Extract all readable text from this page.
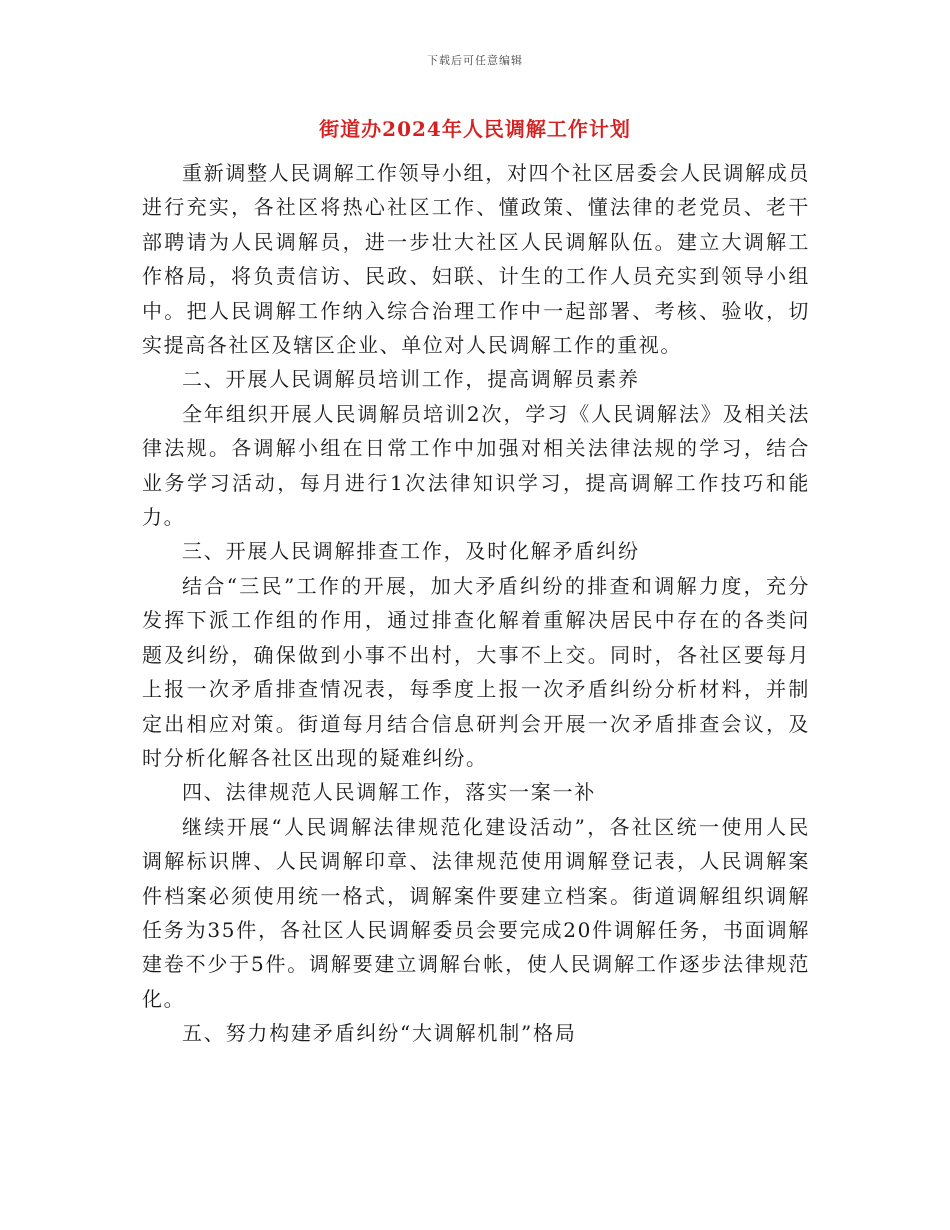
下载后可任意编辑
街道办2024年人民调解工作计划

重新调整人民调解工作领导小组，对四个社区居委会人民调解成员进行充实，各社区将热心社区工作、懂政策、懂法律的老党员、老干部聘请为人民调解员，进一步壮大社区人民调解队伍。建立大调解工作格局，将负责信访、民政、妇联、计生的工作人员充实到领导小组中。把人民调解工作纳入综合治理工作中一起部署、考核、验收，切实提高各社区及辖区企业、单位对人民调解工作的重视。

二、开展人民调解员培训工作，提高调解员素养

全年组织开展人民调解员培训2次，学习《人民调解法》及相关法律法规。各调解小组在日常工作中加强对相关法律法规的学习，结合业务学习活动，每月进行1次法律知识学习，提高调解工作技巧和能力。

三、开展人民调解排查工作，及时化解矛盾纠纷

结合“三民”工作的开展，加大矛盾纠纷的排查和调解力度，充分发挥下派工作组的作用，通过排查化解着重解决居民中存在的各类问题及纠纷，确保做到小事不出村，大事不上交。同时，各社区要每月上报一次矛盾排查情况表，每季度上报一次矛盾纠纷分析材料，并制定出相应对策。街道每月结合信息研判会开展一次矛盾排查会议，及时分析化解各社区出现的疑难纠纷。

四、法律规范人民调解工作，落实一案一补

继续开展“人民调解法律规范化建设活动”，各社区统一使用人民调解标识牌、人民调解印章、法律规范使用调解登记表，人民调解案件档案必须使用统一格式，调解案件要建立档案。街道调解组织调解任务为35件，各社区人民调解委员会要完成20件调解任务，书面调解建卷不少于5件。调解要建立调解台帐，使人民调解工作逐步法律规范化。

五、努力构建矛盾纠纷“大调解机制”格局
